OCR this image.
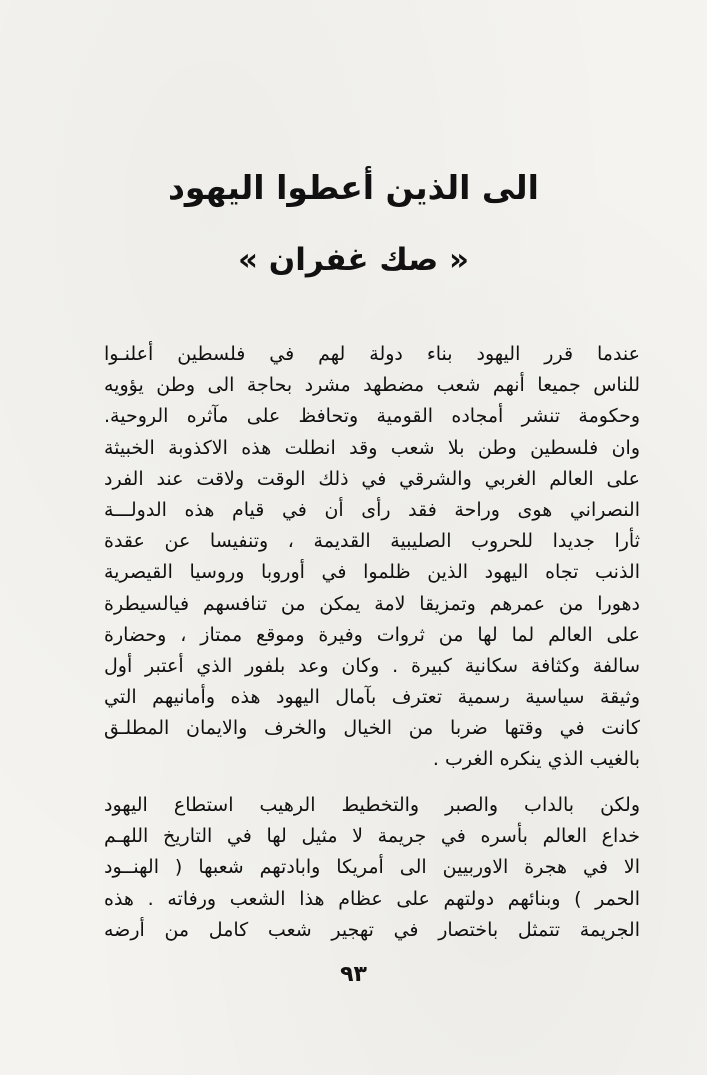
الى الذين أعطوا اليهود
« صك غفران »
عندما قرر اليهود بناء دولة لهم في فلسطين أعلنـوا
للناس جميعا أنهم شعب مضطهد مشرد بحاجة الى وطن يؤويه
وحكومة تنشر أمجاده القومية وتحافظ على مآثره الروحية.
وان فلسطين وطن بلا شعب وقد انطلت هذه الاكذوبة الخبيثة
على العالم الغربي والشرقي في ذلك الوقت ولاقت عند الفرد
النصراني هوى وراحة فقد رأى أن في قيام هذه الدولـــة
ثأرا جديدا للحروب الصليبية القديمة ، وتنفيسا عن عقدة
الذنب تجاه اليهود الذين ظلموا في أوروبا وروسيا القيصرية
دهورا من عمرهم وتمزيقا لامة يمكن من تنافسهم فيالسيطرة
على العالم لما لها من ثروات وفيرة وموقع ممتاز ، وحضارة
سالفة وكثافة سكانية كبيرة . وكان وعد بلفور الذي أعتبر أول
وثيقة سياسية رسمية تعترف بآمال اليهود هذه وأمانيهم التي
كانت في وقتها ضربا من الخيال والخرف والايمان المطلـق
بالغيب الذي ينكره الغرب .
ولكن بالداب والصبر والتخطيط الرهيب استطاع اليهود
خداع العالم بأسره في جريمة لا مثيل لها في التاريخ اللهـم
الا في هجرة الاوربيين الى أمريكا وابادتهم شعبها ( الهنــود
الحمر ) وبنائهم دولتهم على عظام هذا الشعب ورفاته . هذه
الجريمة تتمثل باختصار في تهجير شعب كامل من أرضه
٩٣
